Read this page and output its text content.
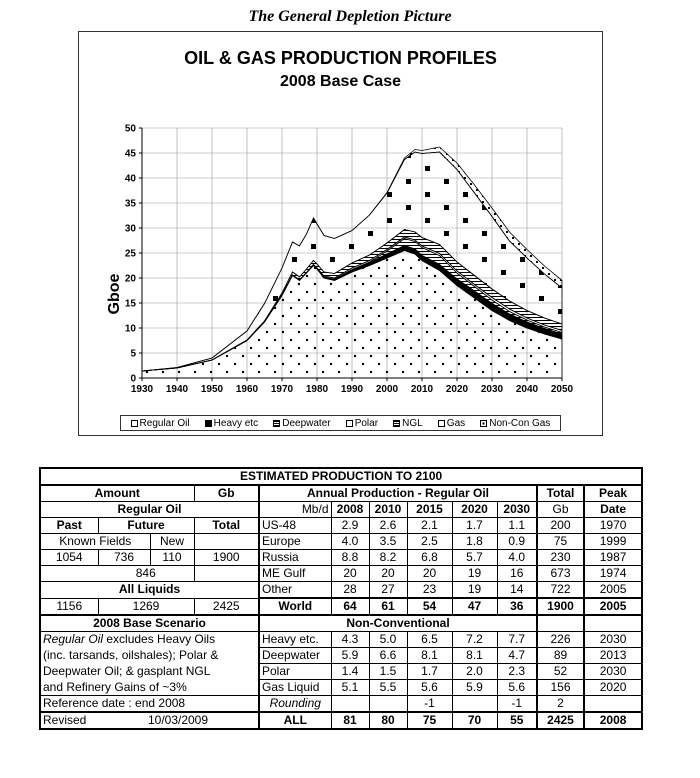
The General Depletion Picture
0
5
10
15
20
25
30
35
40
45
50
1930 1940 1950 1960 1970 1980 1990 2000 2010 2020 2030 2040 2050
OIL & GAS PRODUCTION PROFILES
2008 Base Case
Gboe
Regular Oil Heavy etc Deepwater Polar NGL Gas Non-Con Gas
ESTIMATED PRODUCTION TO 2100											
Amount			Gb	Annual Production - Regular Oil						Total	Peak
Regular Oil				Mb/d	2008	2010	2015	2020	2030	Gb	Date
Past	Future		Total	US-48	2.9	2.6	2.1	1.7	1.1	200	1970
Known Fields		New		Europe	4.0	3.5	2.5	1.8	0.9	75	1999
1054	736	110	1900	Russia	8.8	8.2	6.8	5.7	4.0	230	1987
	846			ME Gulf	20	20	20	19	16	673	1974
All Liquids				Other	28	27	23	19	14	722	2005
1156	1269		2425	World	64	61	54	47	36	1900	2005
2008 Base Scenario				Non-Conventional							
Regular Oil excludes Heavy Oils				Heavy etc.	4.3	5.0	6.5	7.2	7.7	226	2030
(inc. tarsands, oilshales); Polar &				Deepwater	5.9	6.6	8.1	8.1	4.7	89	2013
Deepwater Oil; & gasplant NGL				Polar	1.4	1.5	1.7	2.0	2.3	52	2030
and Refinery Gains of ~3%				Gas Liquid	5.1	5.5	5.6	5.9	5.6	156	2020
Reference date : end 2008				Rounding			-1		-1	2	
Revised	10/03/2009			ALL	81	80	75	70	55	2425	2008
